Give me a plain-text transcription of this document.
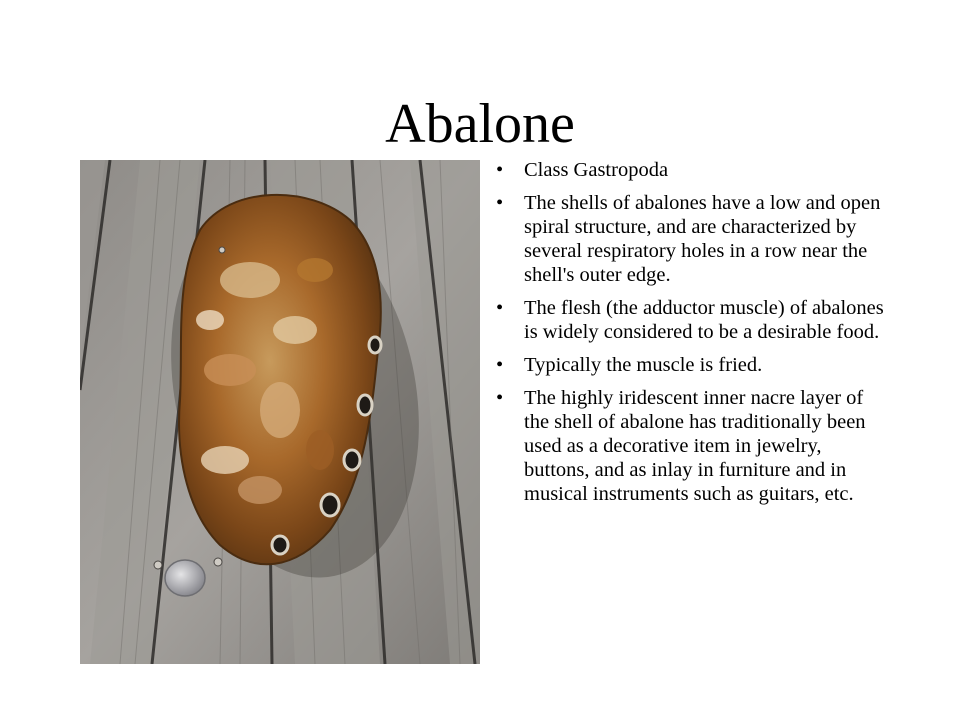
Abalone
• Class Gastropoda
• The shells of abalones have a low and open spiral structure, and are characterized by several respiratory holes in a row near the shell's outer edge.
• The flesh (the adductor muscle) of abalones is widely considered to be a desirable food.
• Typically the muscle is fried.
• The highly iridescent inner nacre layer of the shell of abalone has traditionally been used as a decorative item in jewelry, buttons, and as inlay in furniture and in musical instruments such as guitars, etc.
